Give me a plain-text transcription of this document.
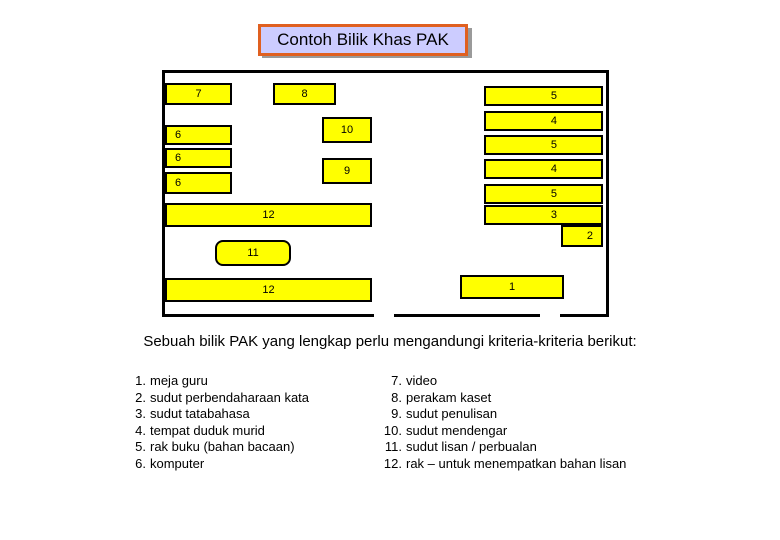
Contoh Bilik Khas PAK
7	8	5
4
10
6
5
6
9	4
6
5
12	3
2
11
12	1
Sebuah bilik PAK yang lengkap perlu mengandungi kriteria-kriteria berikut:
1. meja guru
2. sudut perbendaharaan kata
3. sudut tatabahasa
4. tempat duduk murid
5. rak buku (bahan bacaan)
6. komputer
7. video
8. perakam kaset
9. sudut penulisan
10. sudut mendengar
11. sudut lisan / perbualan
12. rak – untuk menempatkan bahan lisan
